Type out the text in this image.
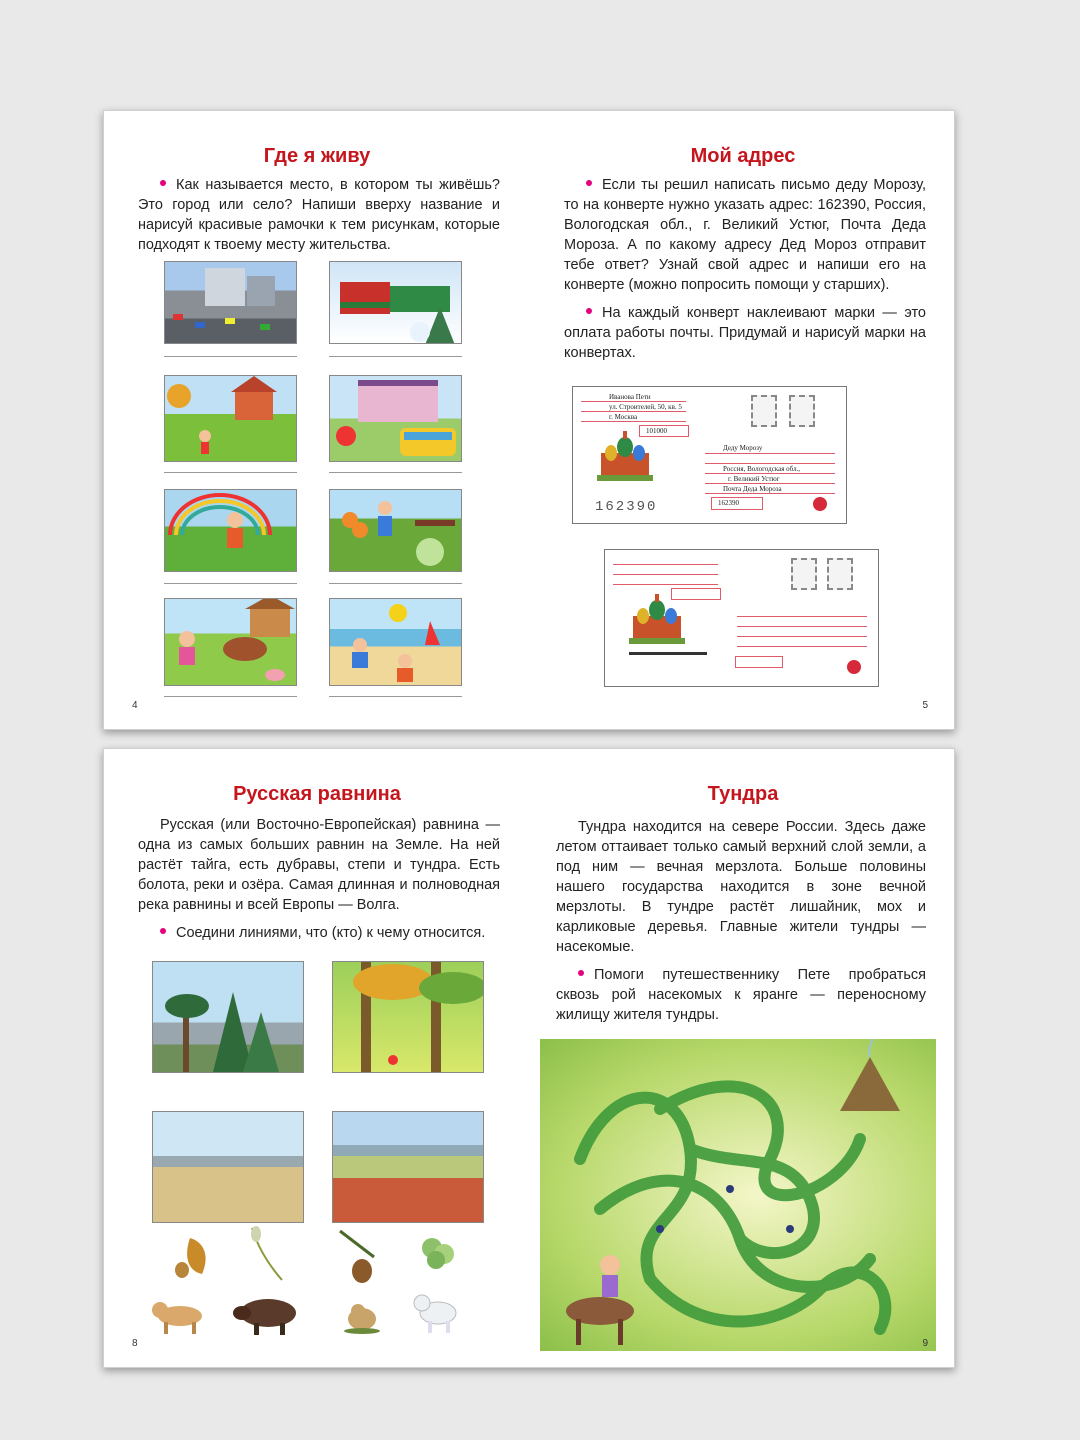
Где я живу

Как называется место, в котором ты живёшь? Это город или село? Напиши вверху название и нарисуй красивые рамочки к тем рисункам, которые подходят к твоему месту жительства.

4
Мой адрес

Если ты решил написать письмо деду Морозу, то на конверте нужно указать адрес: 162390, Россия, Вологодская обл., г. Великий Устюг, Почта Деда Мороза. А по какому адресу Дед Мороз отправит тебе ответ? Узнай свой адрес и напиши его на конверте (можно попросить помощи у старших).

На каждый конверт наклеивают марки — это оплата работы почты. Придумай и нарисуй марки на конвертах.

Иванова Пети
ул. Строителей, 50, кв. 5
г. Москва
101000
Деду Морозу
Россия, Вологодская обл.,
г. Великий Устюг
Почта Деда Мороза
162390
162390
5
Русская равнина

Русская (или Восточно-Европейская) равнина — одна из самых больших равнин на Земле. На ней растёт тайга, есть дубравы, степи и тундра. Есть болота, реки и озёра. Самая длинная и полноводная река равнины и всей Европы — Волга.

Соедини линиями, что (кто) к чему относится.

8
Тундра

Тундра находится на севере России. Здесь даже летом оттаивает только самый верхний слой земли, а под ним — вечная мерзлота. Больше половины нашего государства находится в зоне вечной мерзлоты. В тундре растёт лишайник, мох и карликовые деревья. Главные жители тундры — насекомые.

Помоги путешественнику Пете пробраться сквозь рой насекомых к яранге — переносному жилищу жителя тундры.

9
